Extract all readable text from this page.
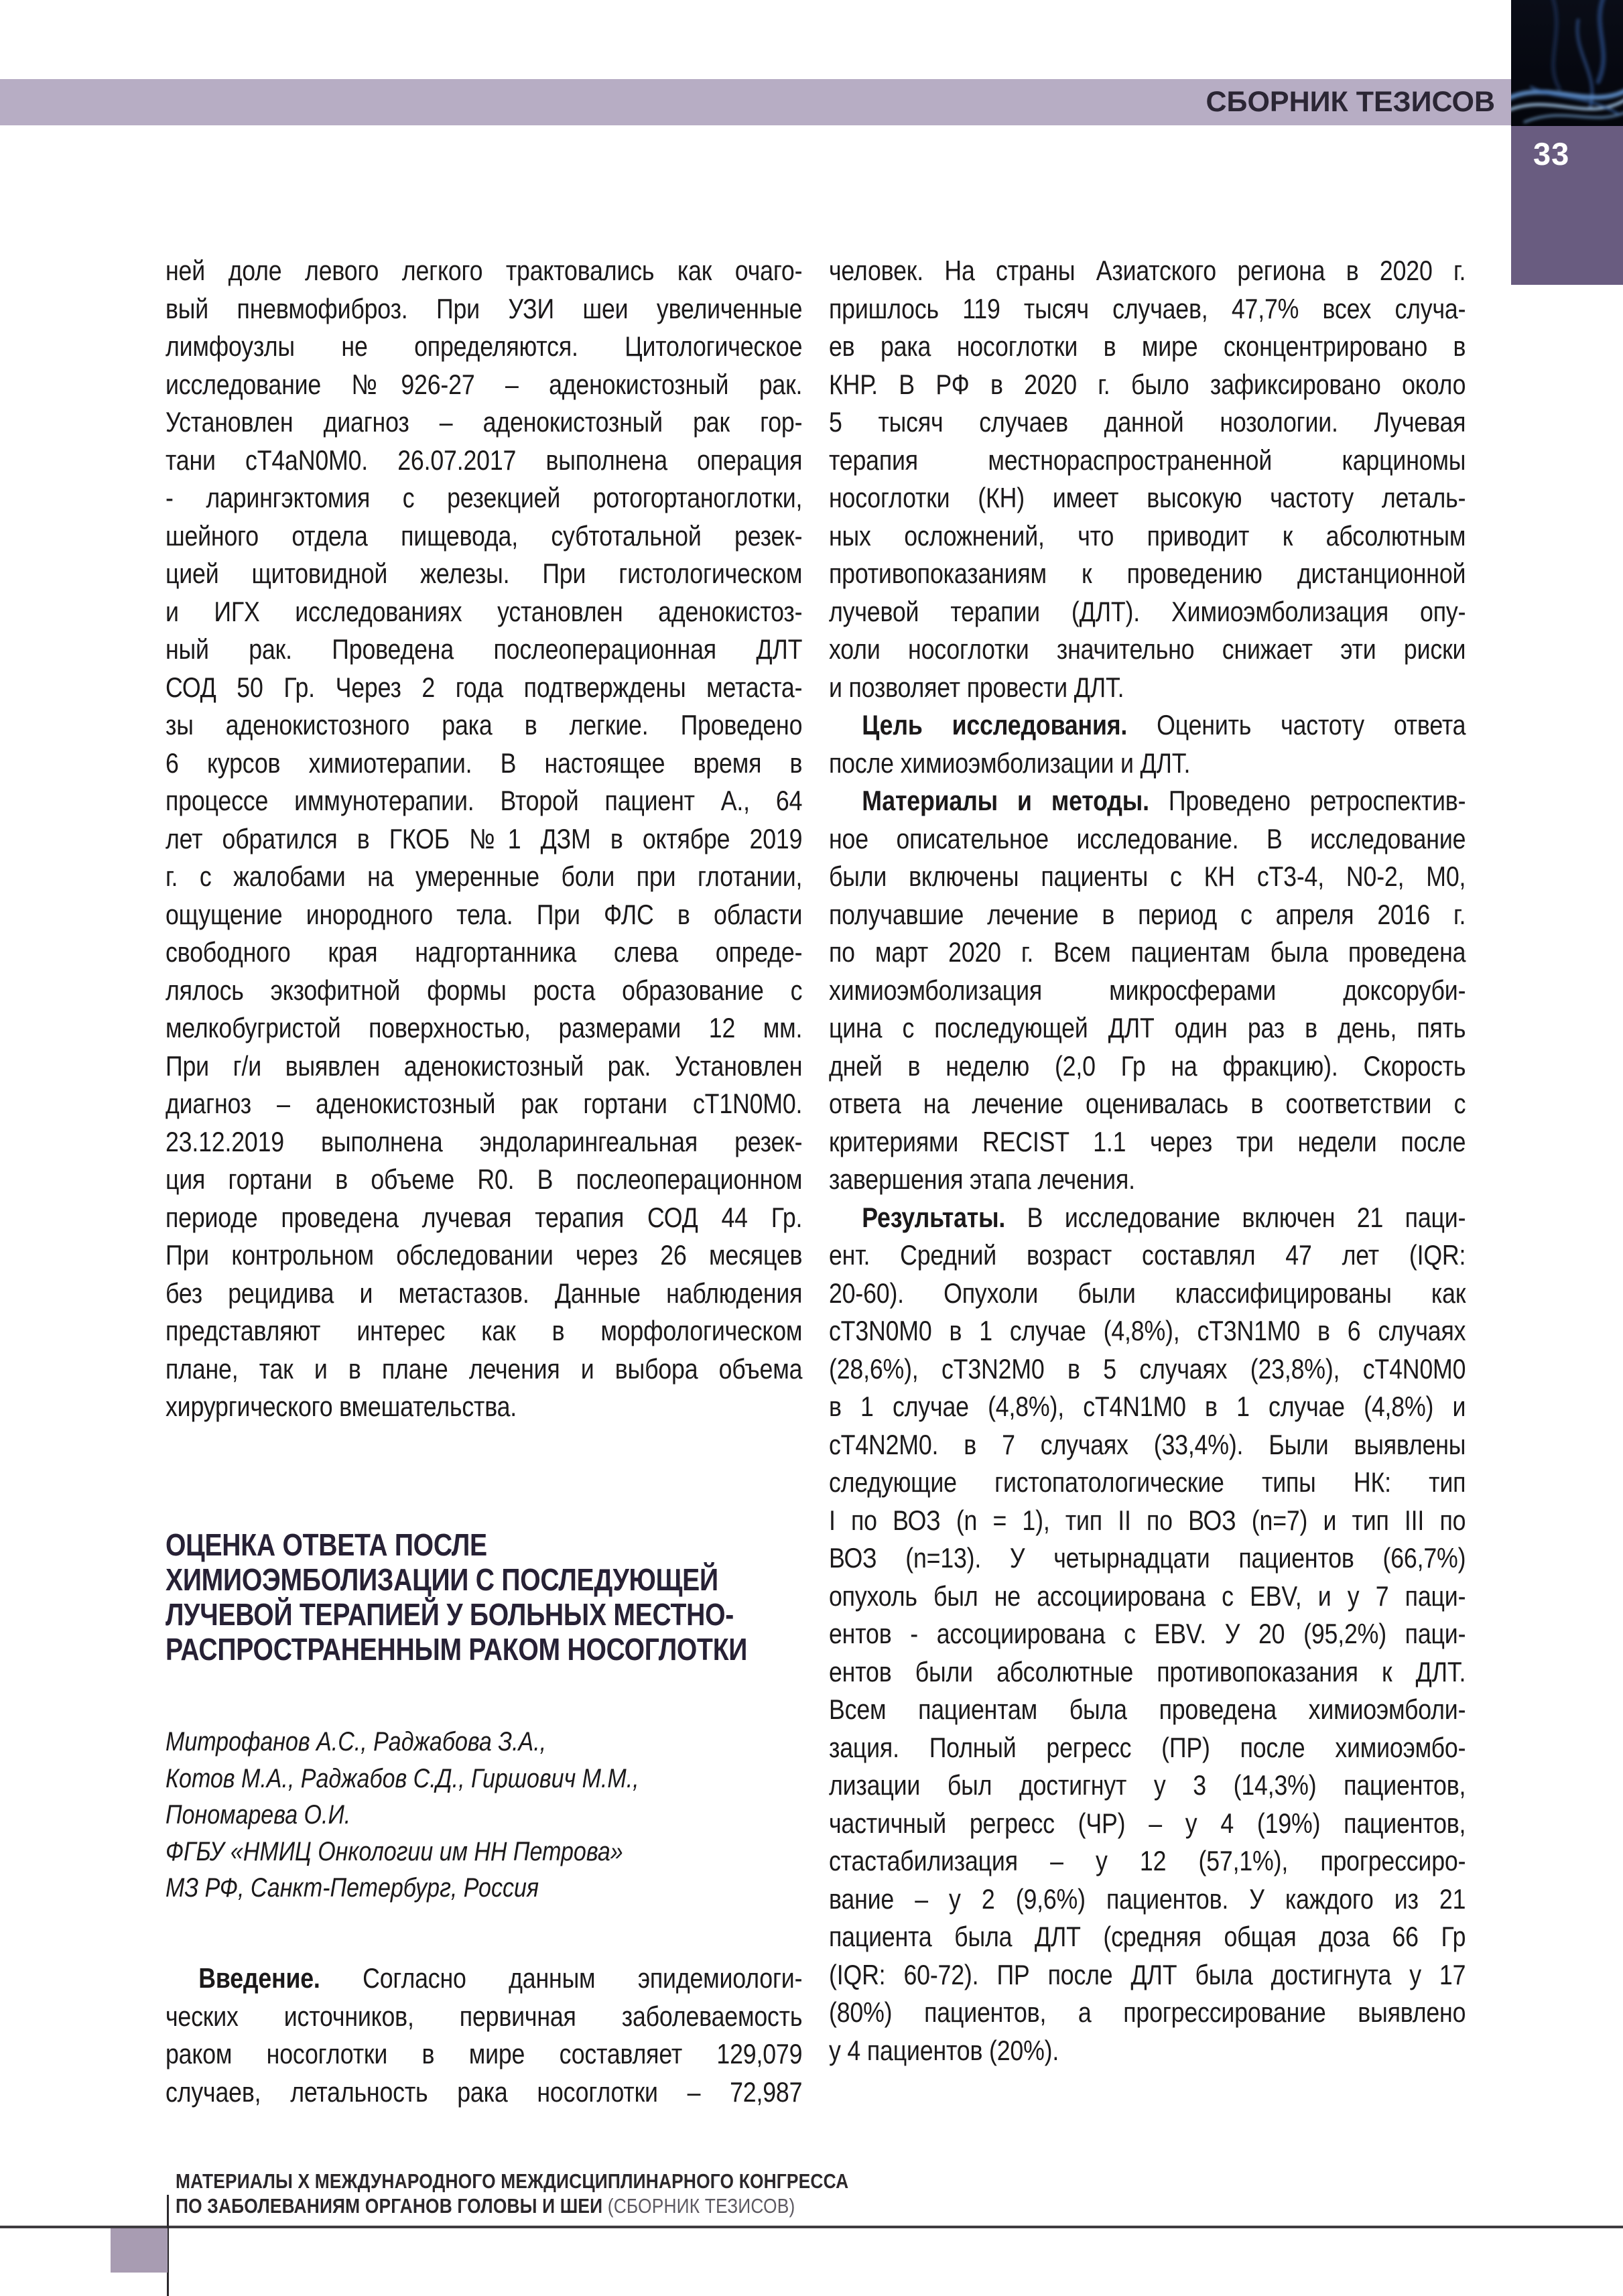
СБОРНИК ТЕЗИСОВ
33
ней доле левого легкого трактовались как очаго-
вый пневмофиброз. При УЗИ шеи увеличенные
лимфоузлы не определяются. Цитологическое
исследование №926-27 – аденокистозный рак.
Установлен диагноз – аденокистозный рак гор-
тани cT4aN0M0. 26.07.2017 выполнена операция
- ларингэктомия с резекцией ротогортаноглотки,
шейного отдела пищевода, субтотальной резек-
цией щитовидной железы. При гистологическом
и ИГХ исследованиях установлен аденокистоз-
ный рак. Проведена послеоперационная ДЛТ
СОД 50 Гр. Через 2 года подтверждены метаста-
зы аденокистозного рака в легкие. Проведено
6 курсов химиотерапии. В настоящее время в
процессе иммунотерапии. Второй пациент А., 64
лет обратился в ГКОБ №1 ДЗМ в октябре 2019
г. с жалобами на умеренные боли при глотании,
ощущение инородного тела. При ФЛС в области
свободного края надгортанника слева опреде-
лялось экзофитной формы роста образование с
мелкобугристой поверхностью, размерами 12 мм.
При г/и выявлен аденокистозный рак. Установлен
диагноз – аденокистозный рак гортани cT1N0M0.
23.12.2019 выполнена эндоларингеальная резек-
ция гортани в объеме R0. В послеоперационном
периоде проведена лучевая терапия СОД 44 Гр.
При контрольном обследовании через 26 месяцев
без рецидива и метастазов. Данные наблюдения
представляют интерес как в морфологическом
плане, так и в плане лечения и выбора объема
хирургического вмешательства.
ОЦЕНКА ОТВЕТА ПОСЛЕ
ХИМИОЭМБОЛИЗАЦИИ С ПОСЛЕДУЮЩЕЙ
ЛУЧЕВОЙ ТЕРАПИЕЙ У БОЛЬНЫХ МЕСТНО-
РАСПРОСТРАНЕННЫМ РАКОМ НОСОГЛОТКИ
Митрофанов А.С., Раджабова З.А.,
Котов М.А., Раджабов С.Д., Гиршович М.М.,
Пономарева О.И.
ФГБУ «НМИЦ Онкологии им НН Петрова»
МЗ РФ, Санкт-Петербург, Россия
Введение. Согласно данным эпидемиологи-
ческих источников, первичная заболеваемость
раком носоглотки в мире составляет 129,079
случаев, летальность рака носоглотки – 72,987
человек. На страны Азиатского региона в 2020 г.
пришлось 119 тысяч случаев, 47,7% всех случа-
ев рака носоглотки в мире сконцентрировано в
КНР. В РФ в 2020 г. было зафиксировано около
5 тысяч случаев данной нозологии. Лучевая
терапия местнораспространенной карциномы
носоглотки (КН) имеет высокую частоту леталь-
ных осложнений, что приводит к абсолютным
противопоказаниям к проведению дистанционной
лучевой терапии (ДЛТ). Химиоэмболизация опу-
холи носоглотки значительно снижает эти риски
и позволяет провести ДЛТ.
Цель исследования. Оценить частоту ответа
после химиоэмболизации и ДЛТ.
Материалы и методы. Проведено ретроспектив-
ное описательное исследование. В исследование
были включены пациенты с КН cT3-4, N0-2, M0,
получавшие лечение в период с апреля 2016 г.
по март 2020 г. Всем пациентам была проведена
химиоэмболизация микросферами доксоруби-
цина с последующей ДЛТ один раз в день, пять
дней в неделю (2,0 Гр на фракцию). Скорость
ответа на лечение оценивалась в соответствии с
критериями RECIST 1.1 через три недели после
завершения этапа лечения.
Результаты. В исследование включен 21 паци-
ент. Средний возраст составлял 47 лет (IQR:
20-60). Опухоли были классифицированы как
cT3N0M0 в 1 случае (4,8%), cT3N1M0 в 6 случаях
(28,6%), cT3N2M0 в 5 случаях (23,8%), cT4N0M0
в 1 случае (4,8%), cT4N1M0 в 1 случае (4,8%) и
cT4N2M0. в 7 случаях (33,4%). Были выявлены
следующие гистопатологические типы НК: тип
I по ВОЗ (n = 1), тип II по ВОЗ (n=7) и тип III по
ВОЗ (n=13). У четырнадцати пациентов (66,7%)
опухоль был не ассоциирована с EBV, и у 7 паци-
ентов - ассоциирована с EBV. У 20 (95,2%) паци-
ентов были абсолютные противопоказания к ДЛТ.
Всем пациентам была проведена химиоэмболи-
зация. Полный регресс (ПР) после химиоэмбо-
лизации был достигнут у 3 (14,3%) пациентов,
частичный регресс (ЧР) – у 4 (19%) пациентов,
стастабилизация – у 12 (57,1%), прогрессиро-
вание – у 2 (9,6%) пациентов. У каждого из 21
пациента была ДЛТ (средняя общая доза 66 Гр
(IQR: 60-72). ПР после ДЛТ была достигнута у 17
(80%) пациентов, а прогрессирование выявлено
у 4 пациентов (20%).
МАТЕРИАЛЫ X МЕЖДУНАРОДНОГО МЕЖДИСЦИПЛИНАРНОГО КОНГРЕССА
ПО ЗАБОЛЕВАНИЯМ ОРГАНОВ ГОЛОВЫ И ШЕИ (СБОРНИК ТЕЗИСОВ)
